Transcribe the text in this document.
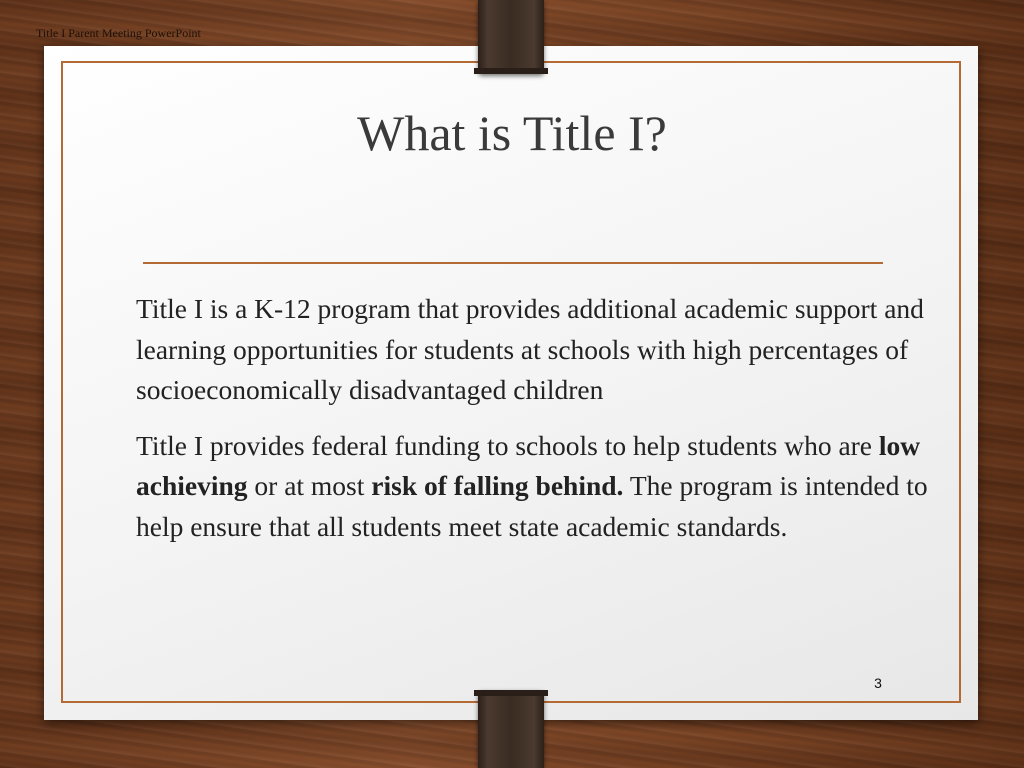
Title I Parent Meeting PowerPoint
What is Title I?

Title I is a K-12 program that provides additional academic support and learning opportunities for students at schools with high percentages of socioeconomically disadvantaged children

Title I provides federal funding to schools to help students who are low achieving or at most risk of falling behind. The program is intended to help ensure that all students meet state academic standards.

3
